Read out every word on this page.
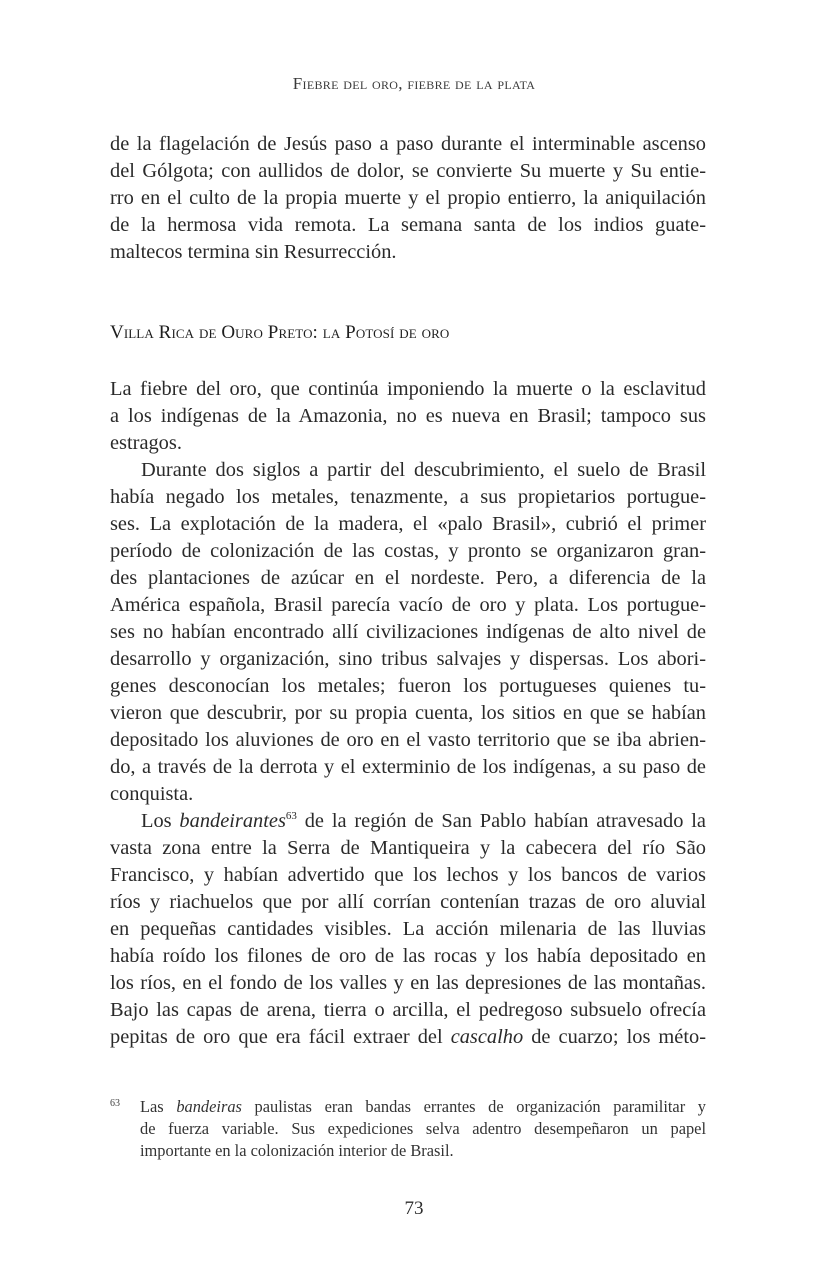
Fiebre del oro, fiebre de la plata
de la flagelación de Jesús paso a paso durante el interminable ascenso
del Gólgota; con aullidos de dolor, se convierte Su muerte y Su entie-
rro en el culto de la propia muerte y el propio entierro, la aniquilación
de la hermosa vida remota. La semana santa de los indios guate-
maltecos termina sin Resurrección.
Villa Rica de Ouro Preto: la Potosí de oro
La fiebre del oro, que continúa imponiendo la muerte o la esclavitud
a los indígenas de la Amazonia, no es nueva en Brasil; tampoco sus
estragos.
Durante dos siglos a partir del descubrimiento, el suelo de Brasil
había negado los metales, tenazmente, a sus propietarios portugue-
ses. La explotación de la madera, el «palo Brasil», cubrió el primer
período de colonización de las costas, y pronto se organizaron gran-
des plantaciones de azúcar en el nordeste. Pero, a diferencia de la
América española, Brasil parecía vacío de oro y plata. Los portugue-
ses no habían encontrado allí civilizaciones indígenas de alto nivel de
desarrollo y organización, sino tribus salvajes y dispersas. Los abori-
genes desconocían los metales; fueron los portugueses quienes tu-
vieron que descubrir, por su propia cuenta, los sitios en que se habían
depositado los aluviones de oro en el vasto territorio que se iba abrien-
do, a través de la derrota y el exterminio de los indígenas, a su paso de
conquista.
Los bandeirantes$^{63}$ de la región de San Pablo habían atravesado la
vasta zona entre la Serra de Mantiqueira y la cabecera del río São
Francisco, y habían advertido que los lechos y los bancos de varios
ríos y riachuelos que por allí corrían contenían trazas de oro aluvial
en pequeñas cantidades visibles. La acción milenaria de las lluvias
había roído los filones de oro de las rocas y los había depositado en
los ríos, en el fondo de los valles y en las depresiones de las montañas.
Bajo las capas de arena, tierra o arcilla, el pedregoso subsuelo ofrecía
pepitas de oro que era fácil extraer del cascalho de cuarzo; los méto-
63 Las bandeiras paulistas eran bandas errantes de organización paramilitar y
de fuerza variable. Sus expediciones selva adentro desempeñaron un papel
importante en la colonización interior de Brasil.
73
